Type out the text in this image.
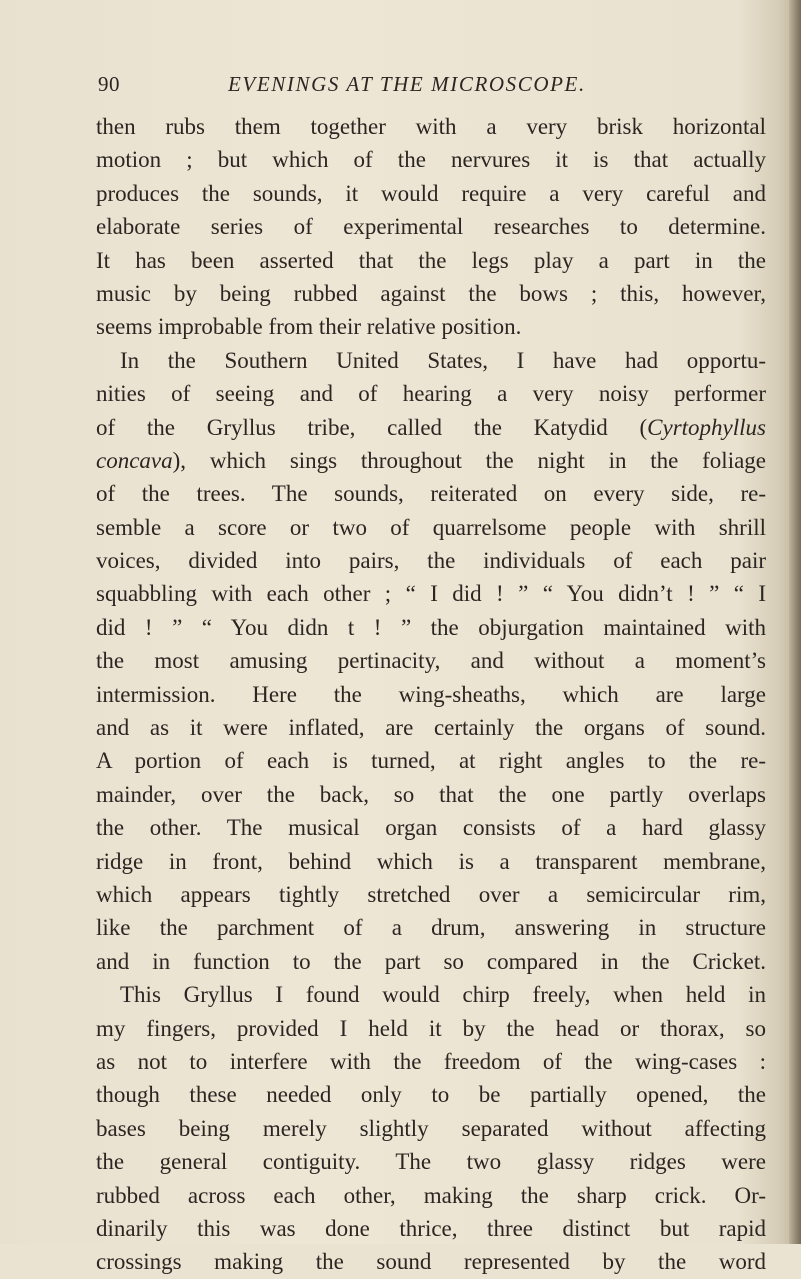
90	EVENINGS AT THE MICROSCOPE.
then rubs them together with a very brisk horizontal
motion ; but which of the nervures it is that actually
produces the sounds, it would require a very careful and
elaborate series of experimental researches to determine.
It has been asserted that the legs play a part in the
music by being rubbed against the bows ; this, however,
seems improbable from their relative position.
In the Southern United States, I have had opportu-
nities of seeing and of hearing a very noisy performer
of the Gryllus tribe, called the Katydid (Cyrtophyllus
concava), which sings throughout the night in the foliage
of the trees. The sounds, reiterated on every side, re-
semble a score or two of quarrelsome people with shrill
voices, divided into pairs, the individuals of each pair
squabbling with each other ; “ I did ! ” “ You didn’t ! ” “ I
did ! ” “ You didn t ! ” the objurgation maintained with
the most amusing pertinacity, and without a moment’s
intermission. Here the wing-sheaths, which are large
and as it were inflated, are certainly the organs of sound.
A portion of each is turned, at right angles to the re-
mainder, over the back, so that the one partly overlaps
the other. The musical organ consists of a hard glassy
ridge in front, behind which is a transparent membrane,
which appears tightly stretched over a semicircular rim,
like the parchment of a drum, answering in structure
and in function to the part so compared in the Cricket.
This Gryllus I found would chirp freely, when held in
my fingers, provided I held it by the head or thorax, so
as not to interfere with the freedom of the wing-cases :
though these needed only to be partially opened, the
bases being merely slightly separated without affecting
the general contiguity. The two glassy ridges were
rubbed across each other, making the sharp crick. Or-
dinarily this was done thrice, three distinct but rapid
crossings making the sound represented by the word
